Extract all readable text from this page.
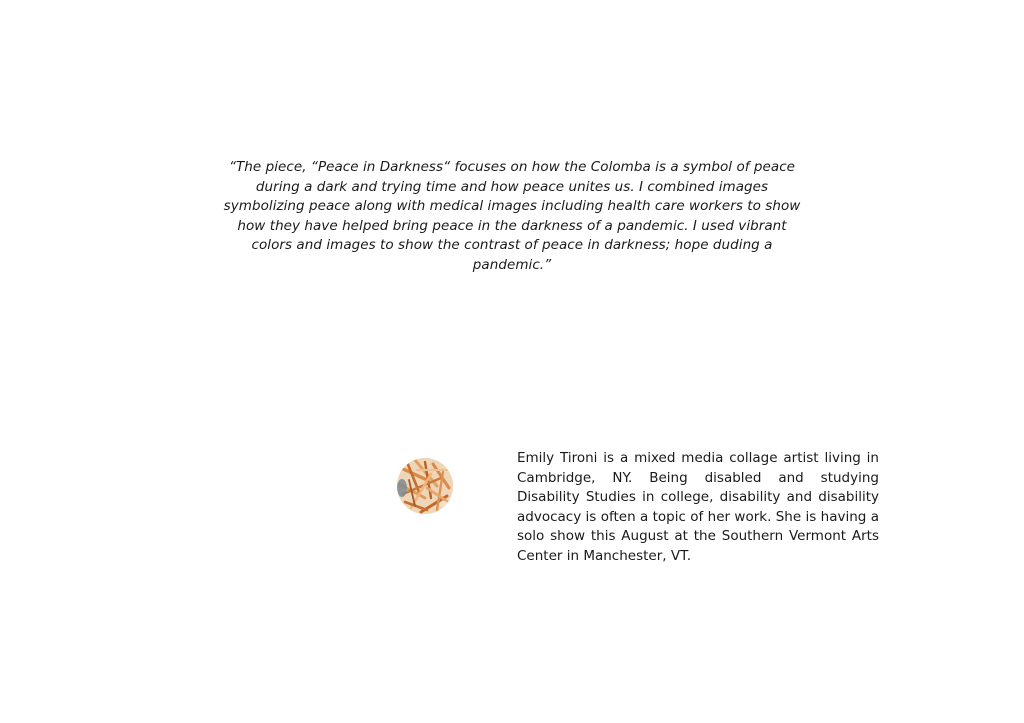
“The piece, “Peace in Darkness“ focuses on how the Colomba is a symbol of peace during a dark and trying time and how peace unites us. I combined images symbolizing peace along with medical images including health care workers to show how they have helped bring peace in the darkness of a pandemic. I used vibrant colors and images to show the contrast of peace in darkness; hope duding a pandemic.”

Emily Tironi is a mixed media collage artist living in Cambridge, NY. Being disabled and studying Disability Studies in college, disability and disability advocacy is often a topic of her work. She is having a solo show this August at the Southern Vermont Arts Center in Manchester, VT.
